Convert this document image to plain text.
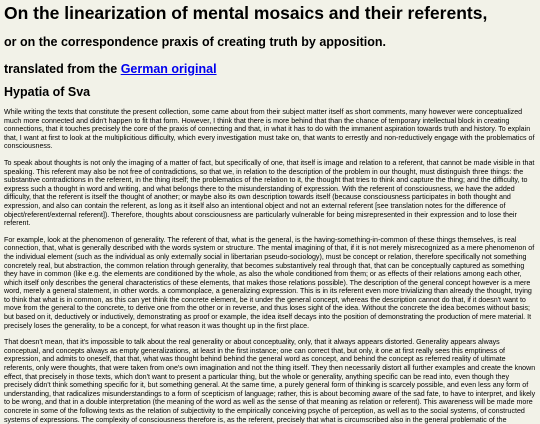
On the linearization of mental mosaics and their referents,
or on the correspondence praxis of creating truth by apposition.
translated from the German original
Hypatia of Sva

While writing the texts that constitute the present collection, some came about from their subject matter itself as short comments, many however were conceptualized much more connected and didn't happen to fit that form. However, I think that there is more behind that than the chance of temporary intellectual block in creating connections, that it touches precisely the core of the praxis of connecting and that, in what it has to do with the immanent aspiration towards truth and history. To explain that, I want at first to look at the multiplicitious difficulty, which every investigation must take on, that wants to errestly and non-reductively engage with the problematics of consciousness.

To speak about thoughts is not only the imaging of a matter of fact, but specifically of one, that itself is image and relation to a referent, that cannot be made visible in that speaking. This referent may also be not free of contradictions, so that we, in relation to the description of the problem in our thought, must distinguish three things: the substantive contradictions in the referent, in the thing itself; the problematics of the relation to it, the thought that tries to think and capture the thing; and the difficulty, to express such a thought in word and writing, and what belongs there to the misunderstanding of expression. With the referent of consciousness, we have the added difficulty, that the referent is itself the thought of another; or maybe also its own description towards itself (because consciousness participates in both thought and expression, and also can contain the referent, as long as it itself also an intentional object and not an external referent [see translation notes for the difference of object/referent/external referent]). Therefore, thoughts about consciousness are particularly vulnerable for being misrepresented in their expression and to lose their referent.

For example, look at the phenomenon of generality. The referent of that, what is the general, is the having-something-in-common of these things themselves, is real connection, that, what is generally described with the words system or structure. The mental imagining of that, if it is not merely misrecognized as a mere phenomenon of the individual element (such as the individual as only externally social in libertarian pseudo-sociology), must be concept or relation, therefore specifically not something concretely real, but abstraction, the common relation through generality, that becomes substantively real through that, that can be conceptually captured as something they have in common (like e.g. the elements are conditioned by the whole, as also the whole conditioned from them; or as effects of their relations among each other, which itself only describes the general characteristics of these elements, that makes those relations possible). The description of the general concept however is a mere word, merely a general statement, in other words. a commonplace, a generalizing expression. This is in its referent even more trivializing than already the thought, trying to think that what is in common, as this can yet think the concrete element, be it under the general concept, whereas the description cannot do that, if it doesn't want to move from the general to the concrete, to derive one from the other or in reverse, and thus loses sight of the idea. Without the concrete the idea becomes without basis; but based on it, deductively or inductively, demonstrating as proof or example, the idea itself decays into the position of demonstrating the production of mere material. It precisely loses the generality, to be a concept, for what reason it was thought up in the first place.

That doesn't mean, that it's impossible to talk about the real generality or about conceptuality, only, that it always appears distorted. Generality appears always conceptual, and concepts always as empty generalizations, at least in the first instance; one can correct that, but only, it one at first really sees this emptiness of expression, and admits to oneself, that that, what was thought behind behind the general word as concept, and behind the concept as referred reality of ultimate referents, only were thoughts, that were taken from one's own imagination and not the thing itself. They then necessarily distort all further examples and create the known effect, that precisely in those texts, which don't want to present a particular thing, but the whole or generality, anything specific can be read into, even though they precisely didn't think something specific for it, but something general. At the same time, a purely general form of thinking is scarcely possible, and even less any form of understanding, that radicalizes misunderstandings to a form of scepticism of language; rather, this is about becoming aware of the sad fate, to have to interpret, and likely to be wrong, and that in a double interpretation (the meaning of the word as well as the sense of that meaning as relation or referent). This awareness will be made more concrete in some of the following texts as the relation of subjectivity to the empirically conceiving psyche of perception, as well as to the social systems, of constructed systems of expressions. The complexity of consciousness therefore is, as the referent, precisely that what is circumscribed also in the general problematic of the
